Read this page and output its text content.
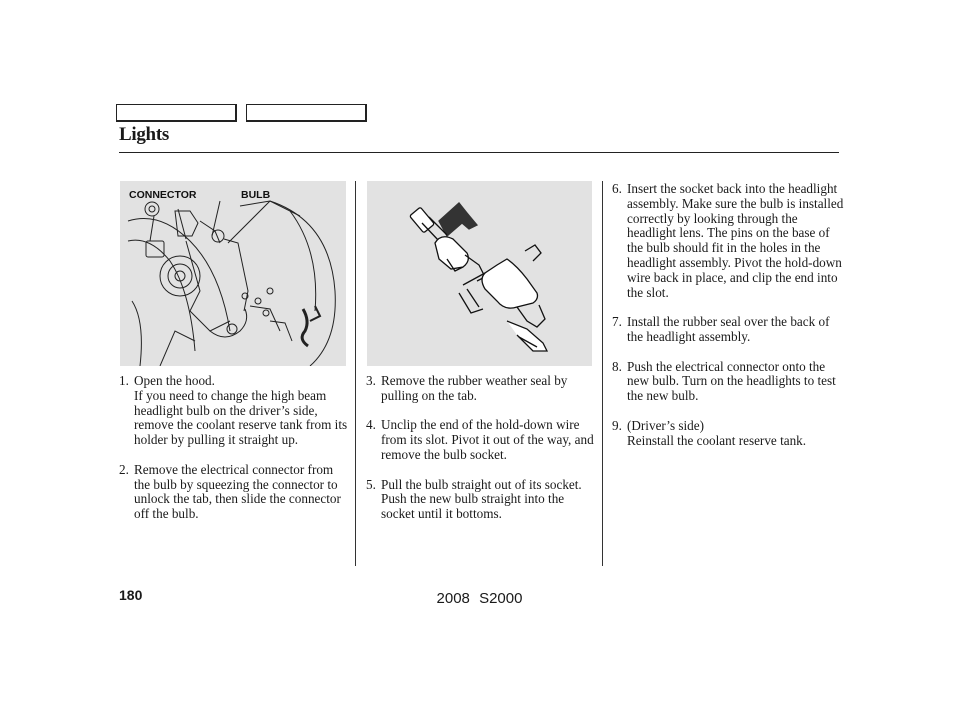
Lights
CONNECTOR	BULB
1. Open the hood.
If you need to change the high beam headlight bulb on the driver’s side, remove the coolant reserve tank from its holder by pulling it straight up.
2. Remove the electrical connector from the bulb by squeezing the connector to unlock the tab, then slide the connector off the bulb.
3. Remove the rubber weather seal by pulling on the tab.
4. Unclip the end of the hold-down wire from its slot. Pivot it out of the way, and remove the bulb socket.
5. Pull the bulb straight out of its socket. Push the new bulb straight into the socket until it bottoms.
6. Insert the socket back into the headlight assembly. Make sure the bulb is installed correctly by looking through the headlight lens. The pins on the base of the bulb should fit in the holes in the headlight assembly. Pivot the hold-down wire back in place, and clip the end into the slot.
7. Install the rubber seal over the back of the headlight assembly.
8. Push the electrical connector onto the new bulb. Turn on the headlights to test the new bulb.
9. (Driver’s side)
Reinstall the coolant reserve tank.
180	2008 S2000
